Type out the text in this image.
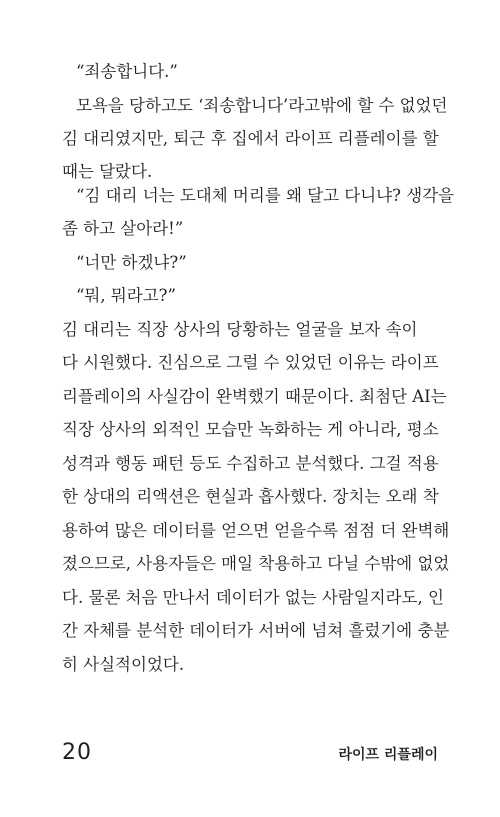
“죄송합니다.”
모욕을 당하고도 ‘죄송합니다’라고밖에 할 수 없었던
김 대리였지만, 퇴근 후 집에서 라이프 리플레이를 할
때는 달랐다.
“김 대리 너는 도대체 머리를 왜 달고 다니냐? 생각을
좀 하고 살아라!”
“너만 하겠냐?”
“뭐, 뭐라고?”
김 대리는 직장 상사의 당황하는 얼굴을 보자 속이
다 시원했다. 진심으로 그럴 수 있었던 이유는 라이프
리플레이의 사실감이 완벽했기 때문이다. 최첨단 AI는
직장 상사의 외적인 모습만 녹화하는 게 아니라, 평소
성격과 행동 패턴 등도 수집하고 분석했다. 그걸 적용
한 상대의 리액션은 현실과 흡사했다. 장치는 오래 착
용하여 많은 데이터를 얻으면 얻을수록 점점 더 완벽해
졌으므로, 사용자들은 매일 착용하고 다닐 수밖에 없었
다. 물론 처음 만나서 데이터가 없는 사람일지라도, 인
간 자체를 분석한 데이터가 서버에 넘쳐 흘렀기에 충분
히 사실적이었다.
20	라이프 리플레이
